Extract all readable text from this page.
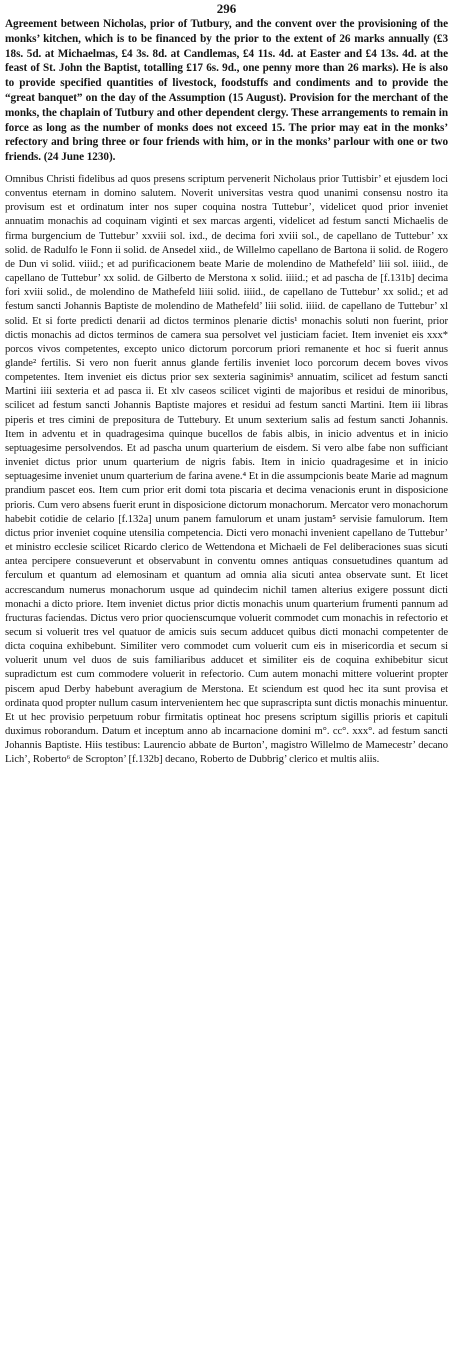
296

Agreement between Nicholas, prior of Tutbury, and the convent over the provisioning of the monks’ kitchen, which is to be financed by the prior to the extent of 26 marks annually (£3 18s. 5d. at Michaelmas, £4 3s. 8d. at Candlemas, £4 11s. 4d. at Easter and £4 13s. 4d. at the feast of St. John the Baptist, totalling £17 6s. 9d., one penny more than 26 marks). He is also to provide specified quantities of livestock, foodstuffs and condiments and to provide the “great banquet” on the day of the Assumption (15 August). Provision for the merchant of the monks, the chaplain of Tutbury and other dependent clergy. These arrangements to remain in force as long as the number of monks does not exceed 15. The prior may eat in the monks’ refectory and bring three or four friends with him, or in the monks’ parlour with one or two friends. (24 June 1230).

Omnibus Christi fidelibus ad quos presens scriptum pervenerit Nicholaus prior Tuttisbir’ et ejusdem loci conventus eternam in domino salutem. Noverit universitas vestra quod unanimi consensu nostro ita provisum est et ordinatum inter nos super coquina nostra Tuttebur’, videlicet quod prior inveniet annuatim monachis ad coquinam viginti et sex marcas argenti, videlicet ad festum sancti Michaelis de firma burgencium de Tuttebur’ xxviii sol. ixd., de decima fori xviii sol., de capellano de Tuttebur’ xx solid. de Radulfo le Fonn ii solid. de Ansedel xiid., de Willelmo capellano de Bartona ii solid. de Rogero de Dun vi solid. viiid.; et ad purificacionem beate Marie de molendino de Mathefeld’ liii sol. iiiid., de capellano de Tuttebur’ xx solid. de Gilberto de Merstona x solid. iiiid.; et ad pascha de [f.131b] decima fori xviii solid., de molendino de Mathefeld liiii solid. iiiid., de capellano de Tuttebur’ xx solid.; et ad festum sancti Johannis Baptiste de molendino de Mathefeld’ liii solid. iiiid. de capellano de Tuttebur’ xl solid. Et si forte predicti denarii ad dictos terminos plenarie dictis¹ monachis soluti non fuerint, prior dictis monachis ad dictos terminos de camera sua persolvet vel justiciam faciet. Item inveniet eis xxx* porcos vivos competentes, excepto unico dictorum porcorum priori remanente et hoc si fuerit annus glande² fertilis. Si vero non fuerit annus glande fertilis inveniet loco porcorum decem boves vivos competentes. Item inveniet eis dictus prior sex sexteria saginimis³ annuatim, scilicet ad festum sancti Martini iiii sexteria et ad pasca ii. Et xlv caseos scilicet viginti de majoribus et residui de minoribus, scilicet ad festum sancti Johannis Baptiste majores et residui ad festum sancti Martini. Item iii libras piperis et tres cimini de prepositura de Tuttebury. Et unum sexterium salis ad festum sancti Johannis. Item in adventu et in quadragesima quinque bucellos de fabis albis, in inicio adventus et in inicio septuagesime persolvendos. Et ad pascha unum quarterium de eisdem. Si vero albe fabe non sufficiant inveniet dictus prior unum quarterium de nigris fabis. Item in inicio quadragesime et in inicio septuagesime inveniet unum quarterium de farina avene.⁴ Et in die assumpcionis beate Marie ad magnum prandium pascet eos. Item cum prior erit domi tota piscaria et decima venacionis erunt in disposicione prioris. Cum vero absens fuerit erunt in disposicione dictorum monachorum. Mercator vero monachorum habebit cotidie de celario [f.132a] unum panem famulorum et unam justam⁵ servisie famulorum. Item dictus prior inveniet coquine utensilia competencia. Dicti vero monachi invenient capellano de Tuttebur’ et ministro ecclesie scilicet Ricardo clerico de Wettendona et Michaeli de Fel deliberaciones suas sicuti antea percipere consueverunt et observabunt in conventu omnes antiquas consuetudines quantum ad ferculum et quantum ad elemosinam et quantum ad omnia alia sicuti antea observate sunt. Et licet accrescandum numerus monachorum usque ad quindecim nichil tamen alterius exigere possunt dicti monachi a dicto priore. Item inveniet dictus prior dictis monachis unum quarterium frumenti pannum ad fructuras faciendas. Dictus vero prior quocienscumque voluerit commodet cum monachis in refectorio et secum si voluerit tres vel quatuor de amicis suis secum adducet quibus dicti monachi competenter de dicta coquina exhibebunt. Similiter vero commodet cum voluerit cum eis in misericordia et secum si voluerit unum vel duos de suis familiaribus adducet et similiter eis de coquina exhibebitur sicut supradictum est cum commodere voluerit in refectorio. Cum autem monachi mittere voluerint propter piscem apud Derby habebunt averagium de Merstona. Et sciendum est quod hec ita sunt provisa et ordinata quod propter nullum casum intervenientem hec que suprascripta sunt dictis monachis minuentur. Et ut hec provisio perpetuum robur firmitatis optineat hoc presens scriptum sigillis prioris et capituli duximus roborandum. Datum et inceptum anno ab incarnacione domini m°. cc°. xxx°. ad festum sancti Johannis Baptiste. Hiis testibus: Laurencio abbate de Burton’, magistro Willelmo de Mamecestr’ decano Lich’, Roberto⁶ de Scropton’ [f.132b] decano, Roberto de Dubbrig’ clerico et multis aliis.
